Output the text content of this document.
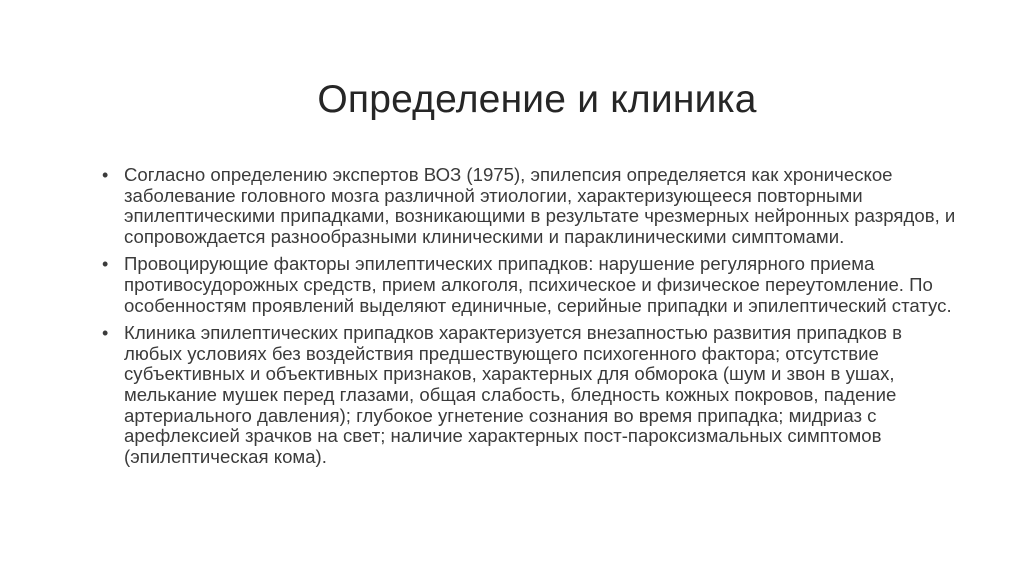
Определение и клиника
• Согласно определению экспертов ВОЗ (1975), эпилепсия определяется как хроническое заболевание головного мозга различной этиологии, характеризующееся повторными эпилептическими припадками, возникающими в результате чрезмерных нейронных разрядов, и сопровождается разнообразными клиническими и параклиническими симптомами.
• Провоцирующие факторы эпилептических припадков: нарушение регулярного приема противосудорожных средств, прием алкоголя, психическое и физическое переутомление. По особенностям проявлений выделяют единичные, серийные припадки и эпилептический статус.
• Клиника эпилептических припадков характеризуется внезапностью развития припадков в любых условиях без воздействия предшествующего психогенного фактора; отсутствие субъективных и объективных признаков, характерных для обморока (шум и звон в ушах, мелькание мушек перед глазами, общая слабость, бледность кожных покровов, падение артериального давления); глубокое угнетение сознания во время припадка; мидриаз с арефлексией зрачков на свет; наличие характерных пост-пароксизмальных симптомов (эпилептическая кома).
